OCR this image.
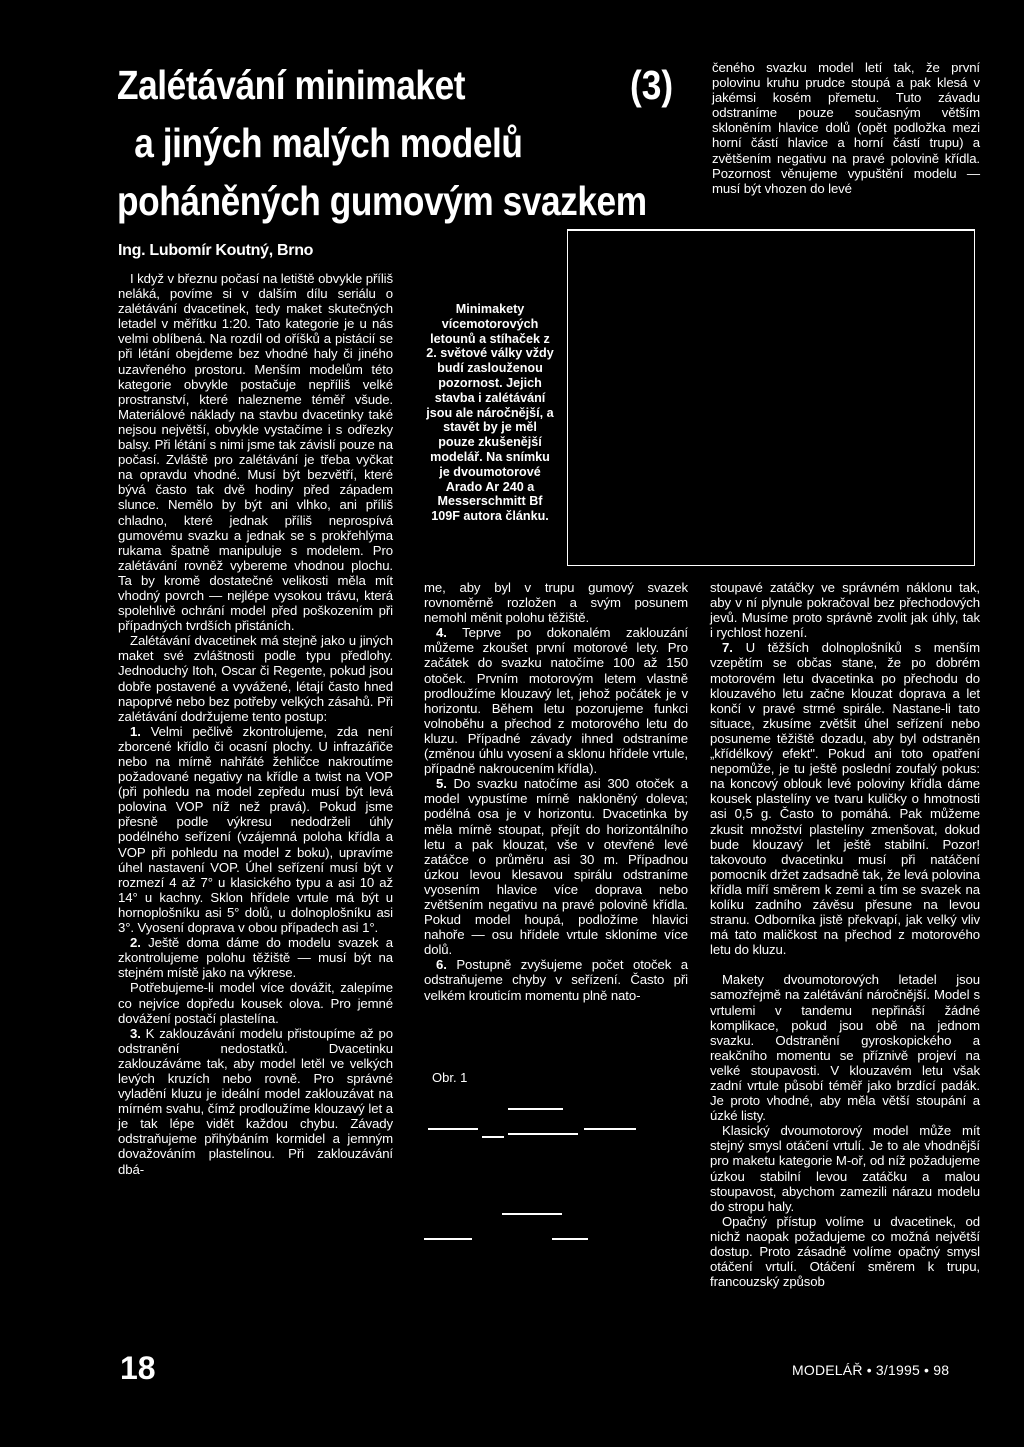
Zalétávání minimaket
a jiných malých modelů
poháněných gumovým svazkem
(3)
Ing. Lubomír Koutný, Brno

čeného svazku model letí tak, že první polovinu kruhu prudce stoupá a pak klesá v jakémsi kosém přemetu. Tuto závadu odstraníme pouze současným větším skloněním hlavice dolů (opět podložka mezi horní částí hlavice a horní částí trupu) a zvětšením negativu na pravé polovině křídla. Pozornost věnujeme vypuštění modelu — musí být vhozen do levé

Minimakety vícemotorových letounů a stíhaček z 2. světové války vždy budí zaslouženou pozornost. Jejich stavba i zalétávání jsou ale náročnější, a stavět by je měl pouze zkušenější modelář. Na snímku je dvoumotorové Arado Ar 240 a Messerschmitt Bf 109F autora článku.

I když v březnu počasí na letiště obvykle příliš neláká, povíme si v dalším dílu seriálu o zalétávání dvacetinek, tedy maket skutečných letadel v měřítku 1:20. Tato kategorie je u nás velmi oblíbená. Na rozdíl od oříšků a pistácií se při létání obejdeme bez vhodné haly či jiného uzavřeného prostoru. Menším modelům této kategorie obvykle postačuje nepříliš velké prostranství, které nalezneme téměř všude. Materiálové náklady na stavbu dvacetinky také nejsou největší, obvykle vystačíme i s odřezky balsy. Při létání s nimi jsme tak závislí pouze na počasí. Zvláště pro zalétávání je třeba vyčkat na opravdu vhodné. Musí být bezvětří, které bývá často tak dvě hodiny před západem slunce. Nemělo by být ani vlhko, ani příliš chladno, které jednak příliš neprospívá gumovému svazku a jednak se s prokřehlýma rukama špatně manipuluje s modelem. Pro zalétávání rovněž vybereme vhodnou plochu. Ta by kromě dostatečné velikosti měla mít vhodný povrch — nejlépe vysokou trávu, která spolehlivě ochrání model před poškozením při případných tvrdších přistáních.

Zalétávání dvacetinek má stejně jako u jiných maket své zvláštnosti podle typu předlohy. Jednoduchý Itoh, Oscar či Regente, pokud jsou dobře postavené a vyvážené, létají často hned napoprvé nebo bez potřeby velkých zásahů. Při zalétávání dodržujeme tento postup:

1. Velmi pečlivě zkontrolujeme, zda není zborcené křídlo či ocasní plochy. U infrazářiče nebo na mírně nahřáté žehličce nakroutíme požadované negativy na křídle a twist na VOP (při pohledu na model zepředu musí být levá polovina VOP níž než pravá). Pokud jsme přesně podle výkresu nedodrželi úhly podélného seřízení (vzájemná poloha křídla a VOP při pohledu na model z boku), upravíme úhel nastavení VOP. Úhel seřízení musí být v rozmezí 4 až 7° u klasického typu a asi 10 až 14° u kachny. Sklon hřídele vrtule má být u hornoplošníku asi 5° dolů, u dolnoplošníku asi 3°. Vyosení doprava v obou případech asi 1°.

2. Ještě doma dáme do modelu svazek a zkontrolujeme polohu těžiště — musí být na stejném místě jako na výkrese.

Potřebujeme-li model více dovážit, zalepíme co nejvíce dopředu kousek olova. Pro jemné dovážení postačí plastelína.

3. K zaklouzávání modelu přistoupíme až po odstranění nedostatků. Dvacetinku zaklouzáváme tak, aby model letěl ve velkých levých kruzích nebo rovně. Pro správné vyladění kluzu je ideální model zaklouzávat na mírném svahu, čímž prodloužíme klouzavý let a je tak lépe vidět každou chybu. Závady odstraňujeme přihýbáním kormidel a jemným dovažováním plastelínou. Při zaklouzávání dbá-

me, aby byl v trupu gumový svazek rovnoměrně rozložen a svým posunem nemohl měnit polohu těžiště.

4. Teprve po dokonalém zaklouzání můžeme zkoušet první motorové lety. Pro začátek do svazku natočíme 100 až 150 otoček. Prvním motorovým letem vlastně prodloužíme klouzavý let, jehož počátek je v horizontu. Během letu pozorujeme funkci volnoběhu a přechod z motorového letu do kluzu. Případné závady ihned odstraníme (změnou úhlu vyosení a sklonu hřídele vrtule, případně nakroucením křídla).

5. Do svazku natočíme asi 300 otoček a model vypustíme mírně nakloněný doleva; podélná osa je v horizontu. Dvacetinka by měla mírně stoupat, přejít do horizontálního letu a pak klouzat, vše v otevřené levé zatáčce o průměru asi 30 m. Případnou úzkou levou klesavou spirálu odstraníme vyosením hlavice více doprava nebo zvětšením negativu na pravé polovině křídla. Pokud model houpá, podložíme hlavici nahoře — osu hřídele vrtule skloníme více dolů.

6. Postupně zvyšujeme počet otoček a odstraňujeme chyby v seřízení. Často při velkém krouticím momentu plně nato-

Obr. 1

stoupavé zatáčky ve správném náklonu tak, aby v ní plynule pokračoval bez přechodových jevů. Musíme proto správně zvolit jak úhly, tak i rychlost hození.

7. U těžších dolnoplošníků s menším vzepětím se občas stane, že po dobrém motorovém letu dvacetinka po přechodu do klouzavého letu začne klouzat doprava a let končí v pravé strmé spirále. Nastane-li tato situace, zkusíme zvětšit úhel seřízení nebo posuneme těžiště dozadu, aby byl odstraněn „křídélkový efekt". Pokud ani toto opatření nepomůže, je tu ještě poslední zoufalý pokus: na koncový oblouk levé poloviny křídla dáme kousek plastelíny ve tvaru kuličky o hmotnosti asi 0,5 g. Často to pomáhá. Pak můžeme zkusit množství plastelíny zmenšovat, dokud bude klouzavý let ještě stabilní. Pozor! takovouto dvacetinku musí při natáčení pomocník držet zadsadně tak, že levá polovina křídla míří směrem k zemi a tím se svazek na kolíku zadního závěsu přesune na levou stranu. Odborníka jistě překvapí, jak velký vliv má tato maličkost na přechod z motorového letu do kluzu.

Makety dvoumotorových letadel jsou samozřejmě na zalétávání náročnější. Model s vrtulemi v tandemu nepřináší žádné komplikace, pokud jsou obě na jednom svazku. Odstranění gyroskopického a reakčního momentu se příznivě projeví na velké stoupavosti. V klouzavém letu však zadní vrtule působí téměř jako brzdící padák. Je proto vhodné, aby měla větší stoupání a úzké listy.

Klasický dvoumotorový model může mít stejný smysl otáčení vrtulí. Je to ale vhodnější pro maketu kategorie M-oř, od níž požadujeme úzkou stabilní levou zatáčku a malou stoupavost, abychom zamezili nárazu modelu do stropu haly.

Opačný přístup volíme u dvacetinek, od nichž naopak požadujeme co možná největší dostup. Proto zásadně volíme opačný smysl otáčení vrtulí. Otáčení směrem k trupu, francouzský způsob

18	MODELÁŘ • 3/1995 • 98
